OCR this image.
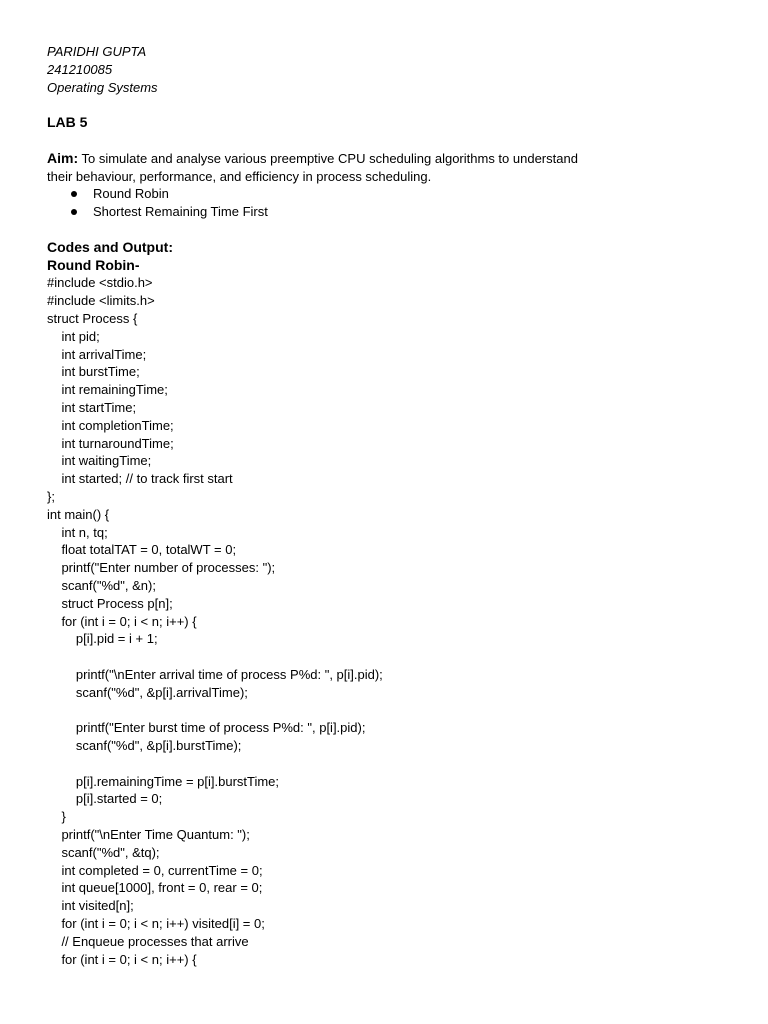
PARIDHI GUPTA
241210085
Operating Systems
LAB 5
Aim: To simulate and analyse various preemptive CPU scheduling algorithms to understand
their behaviour, performance, and efficiency in process scheduling.
Round Robin
Shortest Remaining Time First
Codes and Output:
Round Robin-
#include <stdio.h>
#include <limits.h>
struct Process {
int pid;
int arrivalTime;
int burstTime;
int remainingTime;
int startTime;
int completionTime;
int turnaroundTime;
int waitingTime;
int started; // to track first start
};
int main() {
int n, tq;
float totalTAT = 0, totalWT = 0;
printf("Enter number of processes: ");
scanf("%d", &n);
struct Process p[n];
for (int i = 0; i < n; i++) {
p[i].pid = i + 1;
printf("\nEnter arrival time of process P%d: ", p[i].pid);
scanf("%d", &p[i].arrivalTime);
printf("Enter burst time of process P%d: ", p[i].pid);
scanf("%d", &p[i].burstTime);
p[i].remainingTime = p[i].burstTime;
p[i].started = 0;
}
printf("\nEnter Time Quantum: ");
scanf("%d", &tq);
int completed = 0, currentTime = 0;
int queue[1000], front = 0, rear = 0;
int visited[n];
for (int i = 0; i < n; i++) visited[i] = 0;
// Enqueue processes that arrive
for (int i = 0; i < n; i++) {
